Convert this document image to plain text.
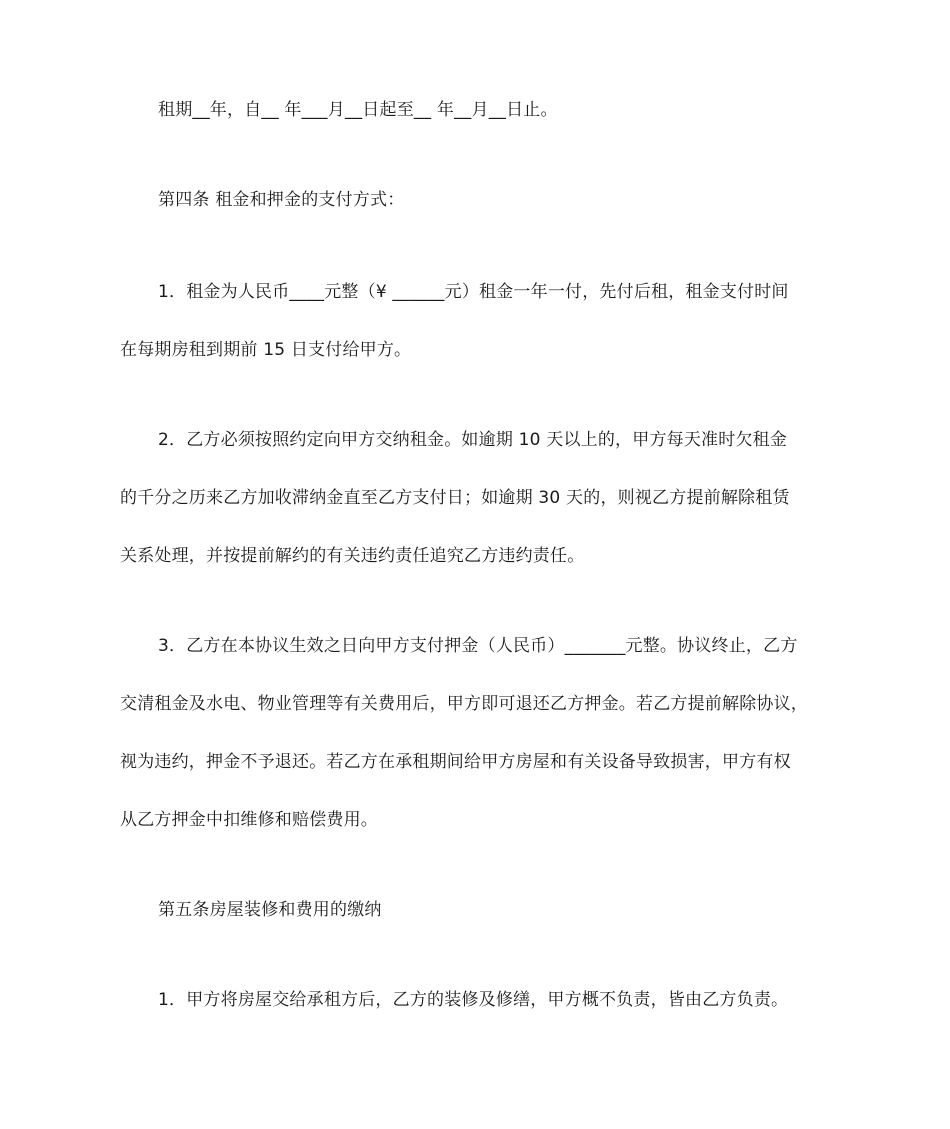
租期__年，自__ 年___月__日起至__ 年__月__日止。
第四条 租金和押金的支付方式：
1．租金为人民币____元整（¥ ______元）租金一年一付，先付后租，租金支付时间
在每期房租到期前 15 日支付给甲方。
2．乙方必须按照约定向甲方交纳租金。如逾期 10 天以上的，甲方每天准时欠租金
的千分之历来乙方加收滞纳金直至乙方支付日；如逾期 30 天的，则视乙方提前解除租赁
关系处理，并按提前解约的有关违约责任追究乙方违约责任。
3．乙方在本协议生效之日向甲方支付押金（人民币）_______元整。协议终止，乙方
交清租金及水电、物业管理等有关费用后，甲方即可退还乙方押金。若乙方提前解除协议，
视为违约，押金不予退还。若乙方在承租期间给甲方房屋和有关设备导致损害，甲方有权
从乙方押金中扣维修和赔偿费用。
第五条房屋装修和费用的缴纳
1．甲方将房屋交给承租方后，乙方的装修及修缮，甲方概不负责，皆由乙方负责。
